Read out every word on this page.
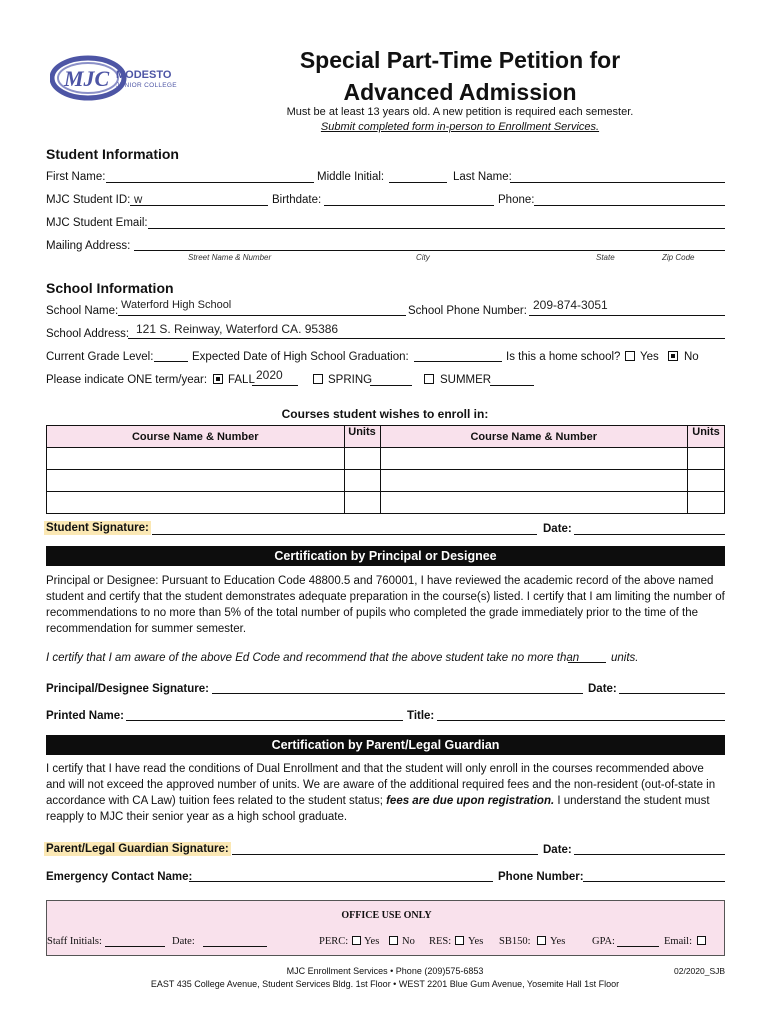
MJC MODESTO
JUNIOR COLLEGE
Special Part-Time Petition for
Advanced Admission
Must be at least 13 years old. A new petition is required each semester.
Submit completed form in-person to Enrollment Services.
Student Information
First Name:	Middle Initial:	Last Name:
MJC Student ID: w	Birthdate:	Phone:
MJC Student Email:
Mailing Address:
Street Name & Number	City	State	Zip Code
School Information
School Name: Waterford High School	School Phone Number: 209-874-3051
School Address: 121 S. Reinway, Waterford CA. 95386
Current Grade Level:	Expected Date of High School Graduation:	Is this a home school? Yes No
Please indicate ONE term/year: FALL 2020	SPRING	SUMMER
Courses student wishes to enroll in:
Course Name & Number	Units	Course Name & Number	Units

Student Signature:	Date:
Certification by Principal or Designee
Principal or Designee: Pursuant to Education Code 48800.5 and 760001, I have reviewed the academic record of the above named student and certify that the student demonstrates adequate preparation in the course(s) listed. I certify that I am limiting the number of recommendations to no more than 5% of the total number of pupils who completed the grade immediately prior to the time of the recommendation for summer semester.
I certify that I am aware of the above Ed Code and recommend that the above student take no more than	units.
Principal/Designee Signature:	Date:
Printed Name:	Title:
Certification by Parent/Legal Guardian
I certify that I have read the conditions of Dual Enrollment and that the student will only enroll in the courses recommended above and will not exceed the approved number of units. We are aware of the additional required fees and the non-resident (out-of-state in accordance with CA Law) tuition fees related to the student status; fees are due upon registration. I understand the student must reapply to MJC their senior year as a high school graduate.
Parent/Legal Guardian Signature:	Date:
Emergency Contact Name:	Phone Number:
OFFICE USE ONLY
Staff Initials:	Date:	PERC: Yes No RES: Yes SB150: Yes	GPA:	Email:
MJC Enrollment Services • Phone (209)575-6853
EAST 435 College Avenue, Student Services Bldg. 1st Floor • WEST 2201 Blue Gum Avenue, Yosemite Hall 1st Floor
02/2020_SJB
